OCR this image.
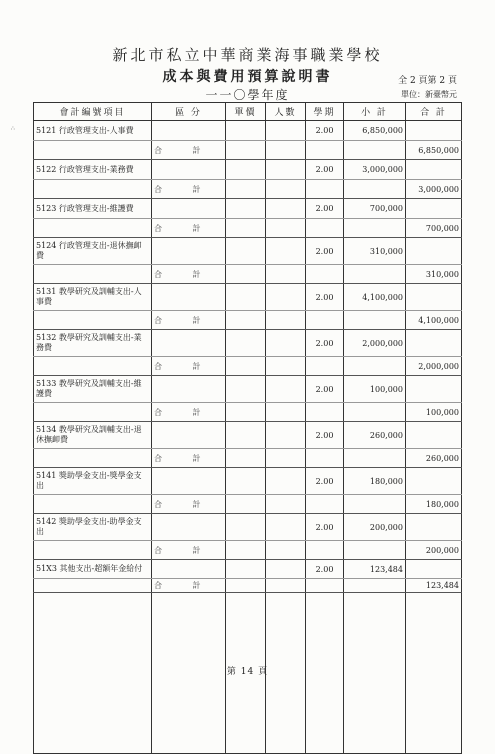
新北市私立中華商業海事職業學校
成本與費用預算說明書
一一〇學年度
全 2 頁第 2 頁
單位：新臺幣元
∴
會計編號項目	區 分	單價	人數	學期	小 計	合 計
5121 行政管理支出-人事費				2.00	6,850,000	
	合 計					6,850,000
5122 行政管理支出-業務費				2.00	3,000,000	
	合 計					3,000,000
5123 行政管理支出-維護費				2.00	700,000	
	合 計					700,000
5124 行政管理支出-退休撫卹費				2.00	310,000	
	合 計					310,000
5131 教學研究及訓輔支出-人事費				2.00	4,100,000	
	合 計					4,100,000
5132 教學研究及訓輔支出-業務費				2.00	2,000,000	
	合 計					2,000,000
5133 教學研究及訓輔支出-維護費				2.00	100,000	
	合 計					100,000
5134 教學研究及訓輔支出-退休撫卹費				2.00	260,000	
	合 計					260,000
5141 獎助學金支出-獎學金支出				2.00	180,000	
	合 計					180,000
5142 獎助學金支出-助學金支出				2.00	200,000	
	合 計					200,000
51X3 其他支出-超額年金給付				2.00	123,484	
	合 計					123,484

第 14 頁
